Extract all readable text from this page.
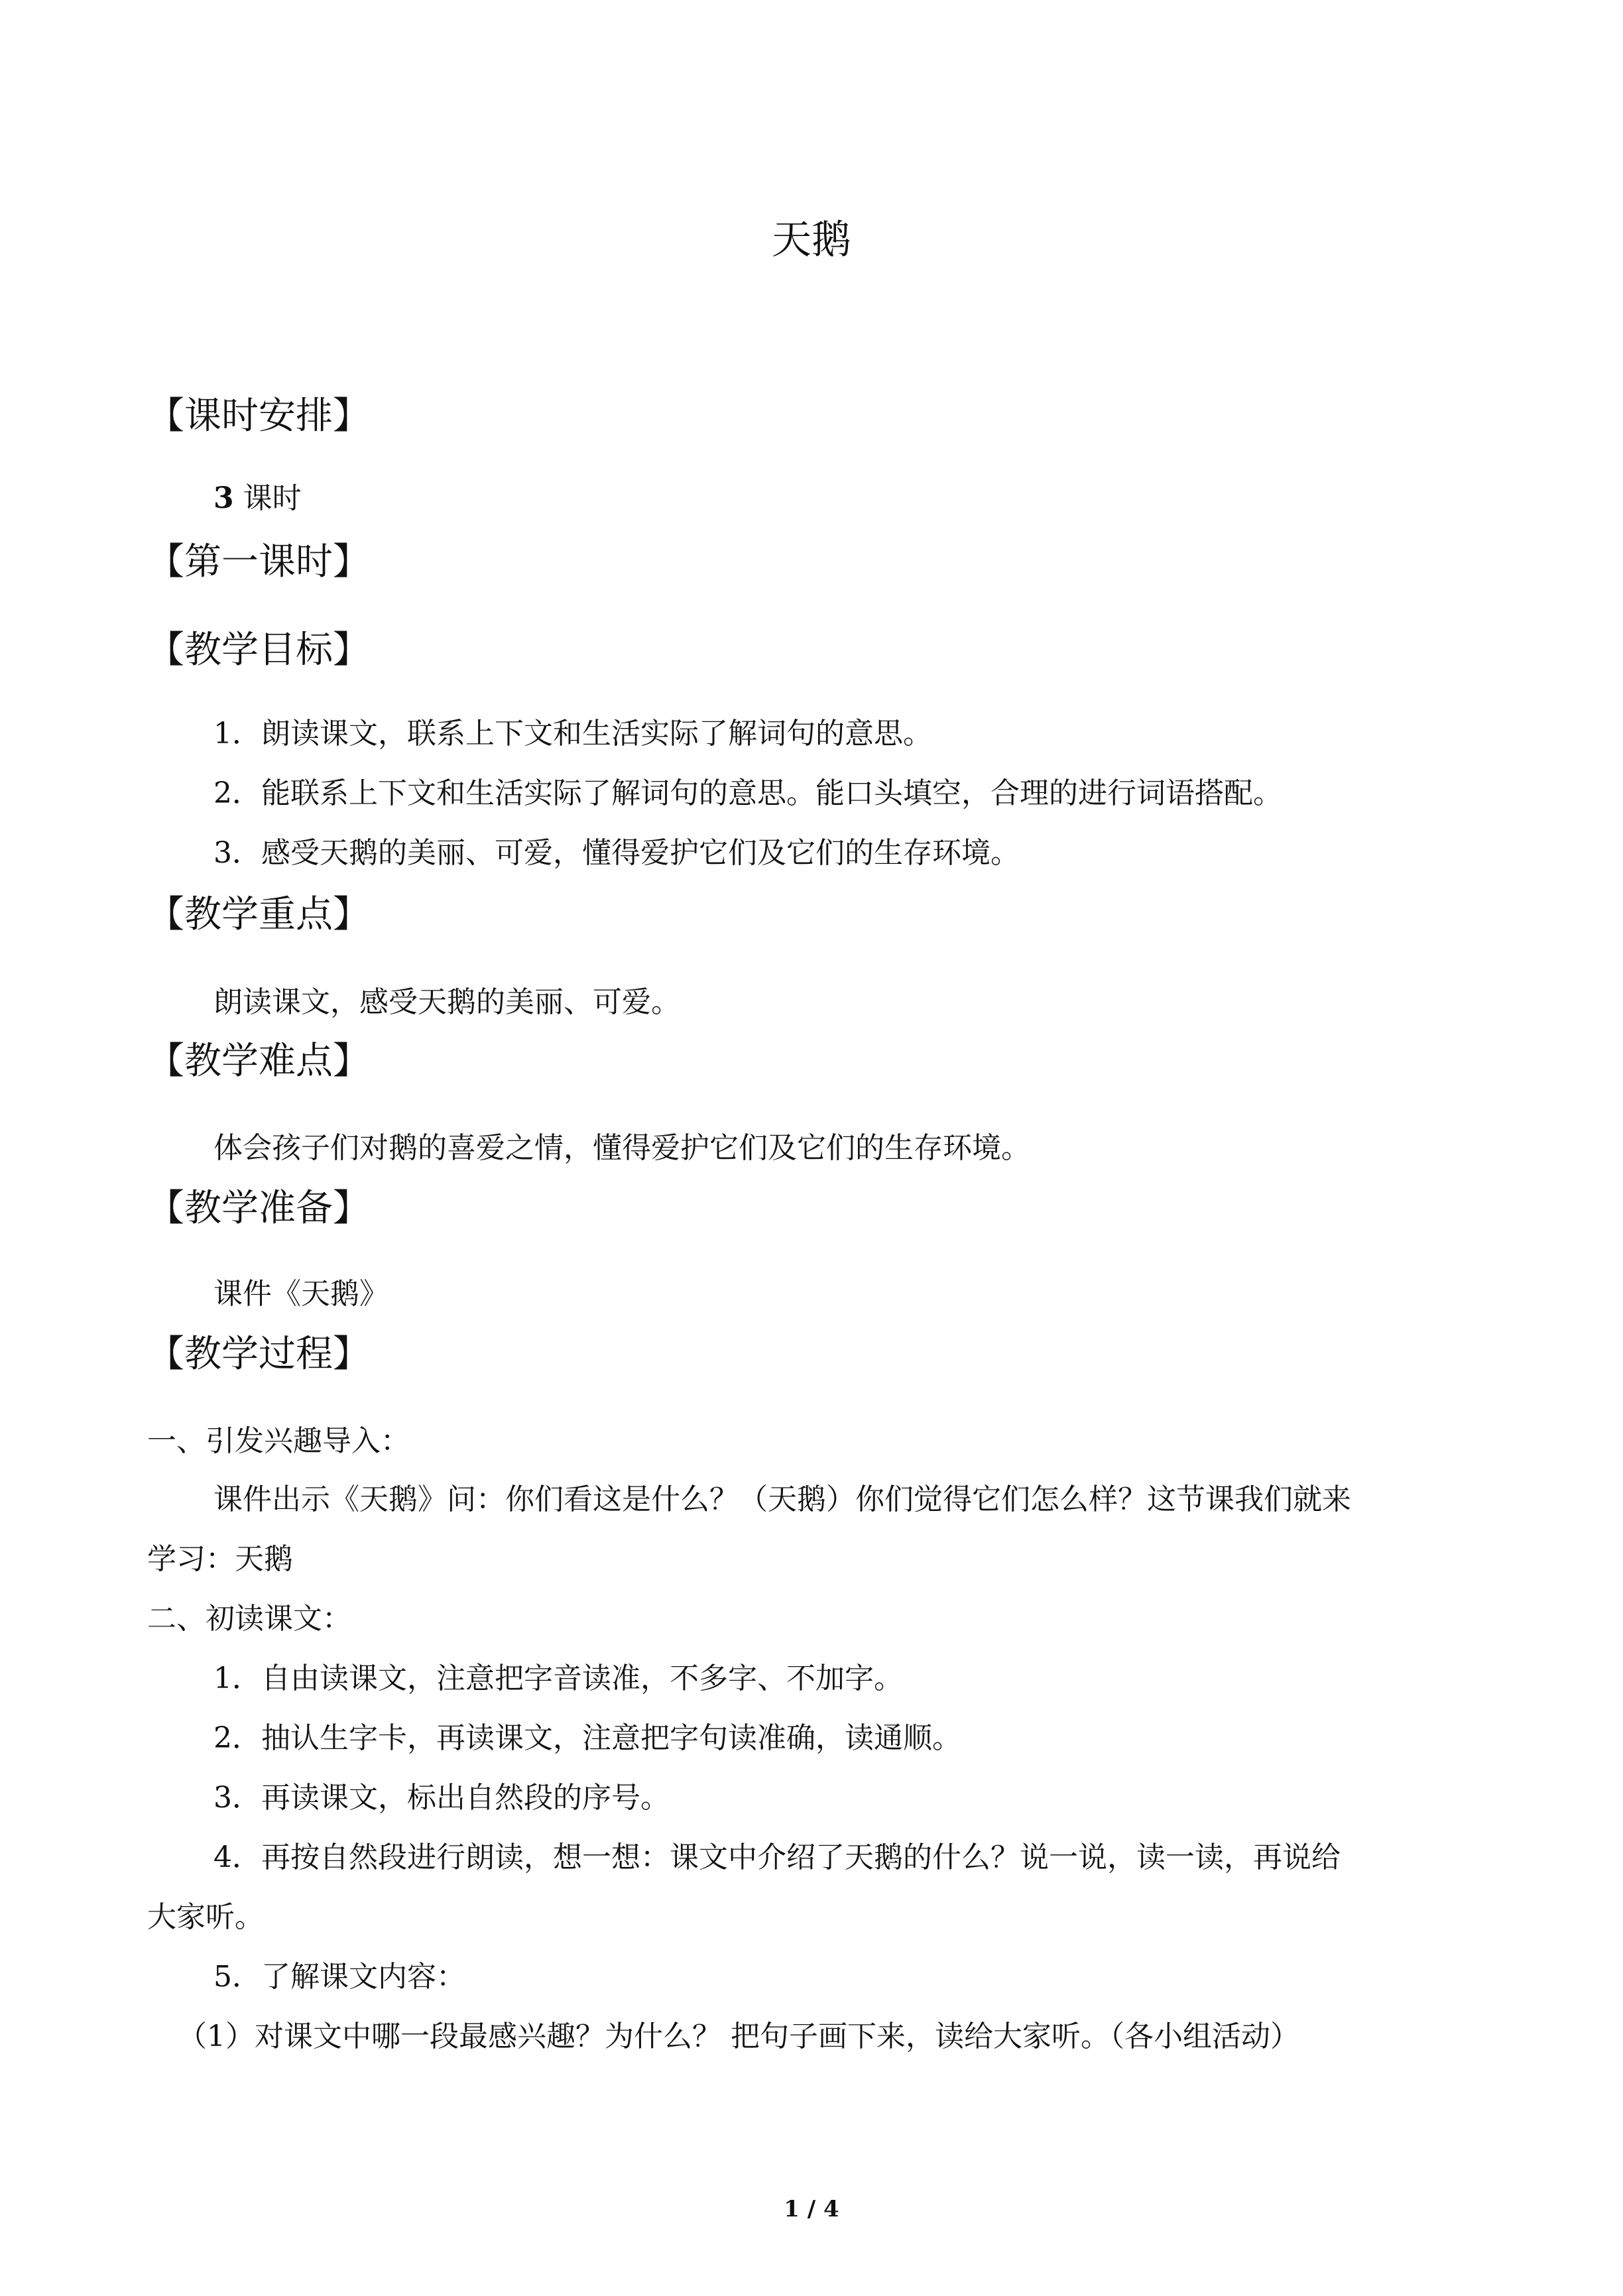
天鹅
【课时安排】
3 课时
【第一课时】
【教学目标】
1．朗读课文，联系上下文和生活实际了解词句的意思。
2．能联系上下文和生活实际了解词句的意思。能口头填空，合理的进行词语搭配。
3．感受天鹅的美丽、可爱，懂得爱护它们及它们的生存环境。
【教学重点】
朗读课文，感受天鹅的美丽、可爱。
【教学难点】
体会孩子们对鹅的喜爱之情，懂得爱护它们及它们的生存环境。
【教学准备】
课件《天鹅》
【教学过程】
一、引发兴趣导入：
课件出示《天鹅》问：你们看这是什么？（天鹅）你们觉得它们怎么样？这节课我们就来
学习：天鹅
二、初读课文：
1．自由读课文，注意把字音读准，不多字、不加字。
2．抽认生字卡，再读课文，注意把字句读准确，读通顺。
3．再读课文，标出自然段的序号。
4．再按自然段进行朗读，想一想：课文中介绍了天鹅的什么？说一说，读一读，再说给
大家听。
5．了解课文内容：
（1）对课文中哪一段最感兴趣？为什么？ 把句子画下来，读给大家听。（各小组活动）
1 / 4
